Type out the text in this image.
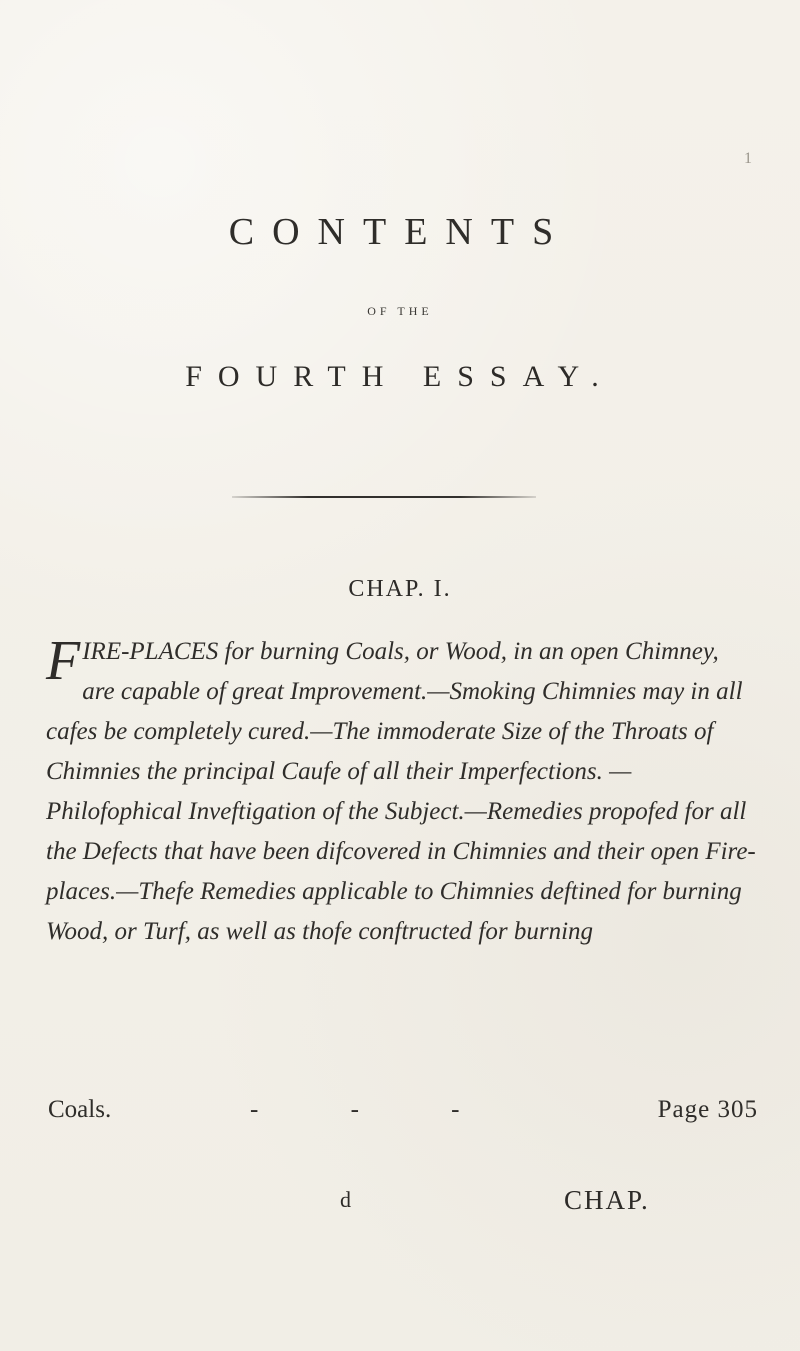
1
CONTENTS
OF THE
FOURTH ESSAY.
CHAP. I.

FIRE-PLACES for burning Coals, or Wood, in an open Chimney, are capable of great Improvement.—Smoking Chimnies may in all cafes be completely cured.—The immoderate Size of the Throats of Chimnies the principal Caufe of all their Imperfections. — Philofophical Inveftigation of the Subject.—Remedies propofed for all the Defects that have been difcovered in Chimnies and their open Fire-places.—Thefe Remedies applicable to Chimnies deftined for burning Wood, or Turf, as well as thofe conftructed for burning

Coals.	- - -	Page 305
d	CHAP.
